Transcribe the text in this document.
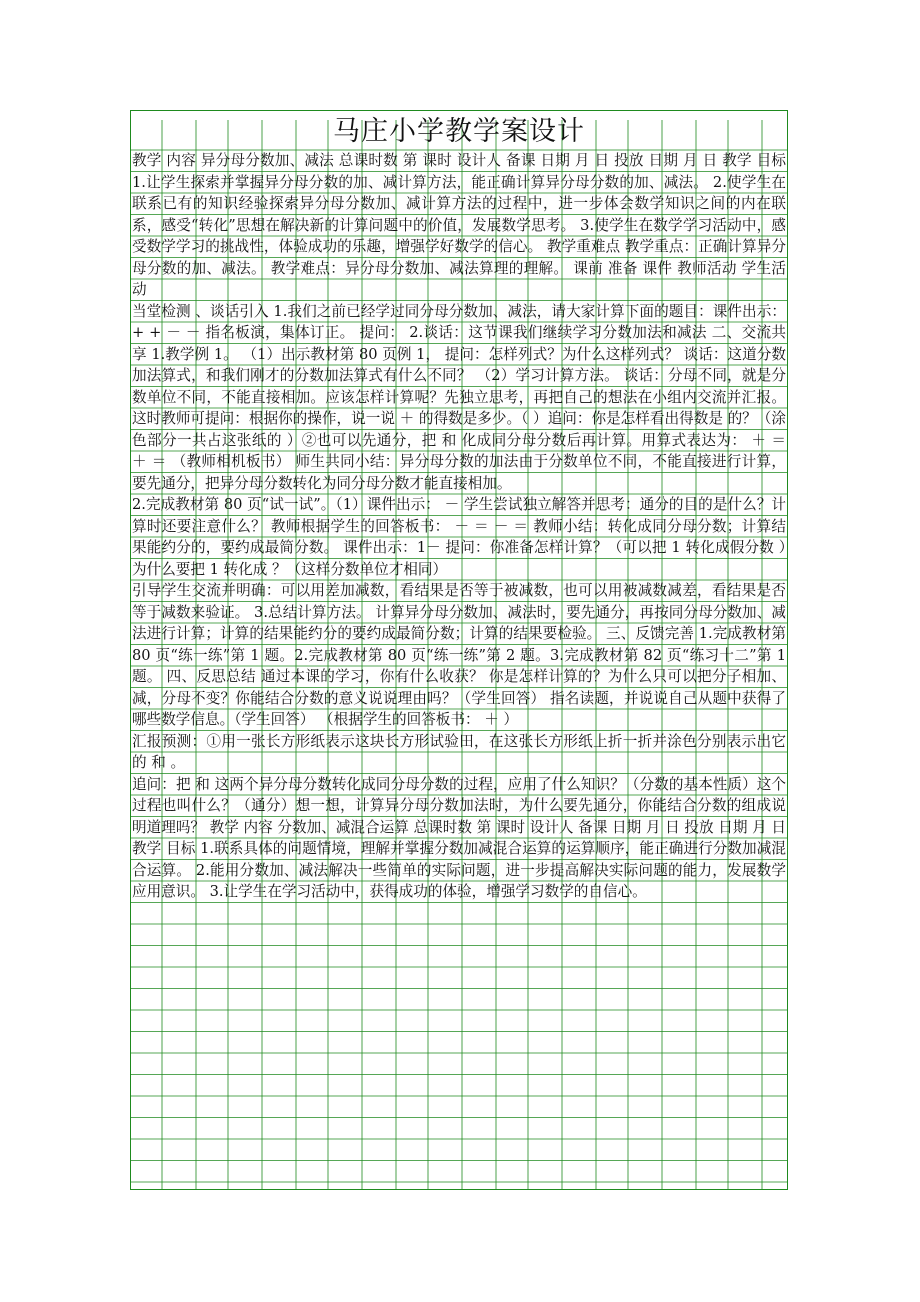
马庄小学教学案设计

教学 内容 异分母分数加、减法 总课时数 第 课时 设计人 备课 日期 月 日 投放 日期 月 日 教学 目标 1.让学生探索并掌握异分母分数的加、减计算方法，能正确计算异分母分数的加、减法。 2.使学生在联系已有的知识经验探索异分母分数加、减计算方法的过程中，进一步体会数学知识之间的内在联系，感受“转化”思想在解决新的计算问题中的价值，发展数学思考。 3.使学生在数学学习活动中，感受数学学习的挑战性，体验成功的乐趣，增强学好数学的信心。 教学重难点 教学重点：正确计算异分母分数的加、减法。 教学难点：异分母分数加、减法算理的理解。 课前 准备 课件 教师活动 学生活动

当堂检测 、谈话引入 1.我们之前已经学过同分母分数加、减法，请大家计算下面的题目：课件出示： + + － － 指名板演，集体订正。 提问： 2.谈话：这节课我们继续学习分数加法和减法 二、交流共享 1.教学例 1。 （1）出示教材第 80 页例 1， 提问：怎样列式？为什么这样列式？ 谈话：这道分数加法算式，和我们刚才的分数加法算式有什么不同？ （2）学习计算方法。 谈话：分母不同，就是分数单位不同，不能直接相加。应该怎样计算呢？先独立思考，再把自己的想法在小组内交流并汇报。 这时教师可提问：根据你的操作，说一说 ＋ 的得数是多少。（ ）追问：你是怎样看出得数是 的？（涂色部分一共占这张纸的 ）②也可以先通分，把 和 化成同分母分数后再计算。用算式表达为： ＋ ＝ ＋ ＝ （教师相机板书） 师生共同小结：异分母分数的加法由于分数单位不同，不能直接进行计算，要先通分，把异分母分数转化为同分母分数才能直接相加。

2.完成教材第 80 页“试一试”。（1）课件出示： － 学生尝试独立解答并思考：通分的目的是什么？计算时还要注意什么？ 教师根据学生的回答板书： － ＝ － ＝ 教师小结：转化成同分母分数；计算结果能约分的，要约成最简分数。 课件出示：1－ 提问：你准备怎样计算？（可以把 1 转化成假分数 ）为什么要把 1 转化成 ？（这样分数单位才相同）

引导学生交流并明确：可以用差加减数，看结果是否等于被减数，也可以用被减数减差，看结果是否等于减数来验证。 3.总结计算方法。 计算异分母分数加、减法时，要先通分，再按同分母分数加、减法进行计算；计算的结果能约分的要约成最简分数；计算的结果要检验。 三、反馈完善 1.完成教材第 80 页“练一练”第 1 题。2.完成教材第 80 页“练一练”第 2 题。3.完成教材第 82 页“练习十二”第 1 题。 四、反思总结 通过本课的学习，你有什么收获？ 你是怎样计算的？为什么只可以把分子相加、减，分母不变？你能结合分数的意义说说理由吗？（学生回答） 指名读题，并说说自己从题中获得了哪些数学信息。（学生回答） （根据学生的回答板书： ＋ ）

汇报预测：①用一张长方形纸表示这块长方形试验田，在这张长方形纸上折一折并涂色分别表示出它的 和 。

追问：把 和 这两个异分母分数转化成同分母分数的过程，应用了什么知识？（分数的基本性质）这个过程也叫什么？（通分）想一想，计算异分母分数加法时，为什么要先通分，你能结合分数的组成说明道理吗？ 教学 内容 分数加、减混合运算 总课时数 第 课时 设计人 备课 日期 月 日 投放 日期 月 日 教学 目标 1.联系具体的问题情境，理解并掌握分数加减混合运算的运算顺序，能正确进行分数加减混合运算。 2.能用分数加、减法解决一些简单的实际问题，进一步提高解决实际问题的能力，发展数学应用意识。 3.让学生在学习活动中，获得成功的体验，增强学习数学的自信心。
